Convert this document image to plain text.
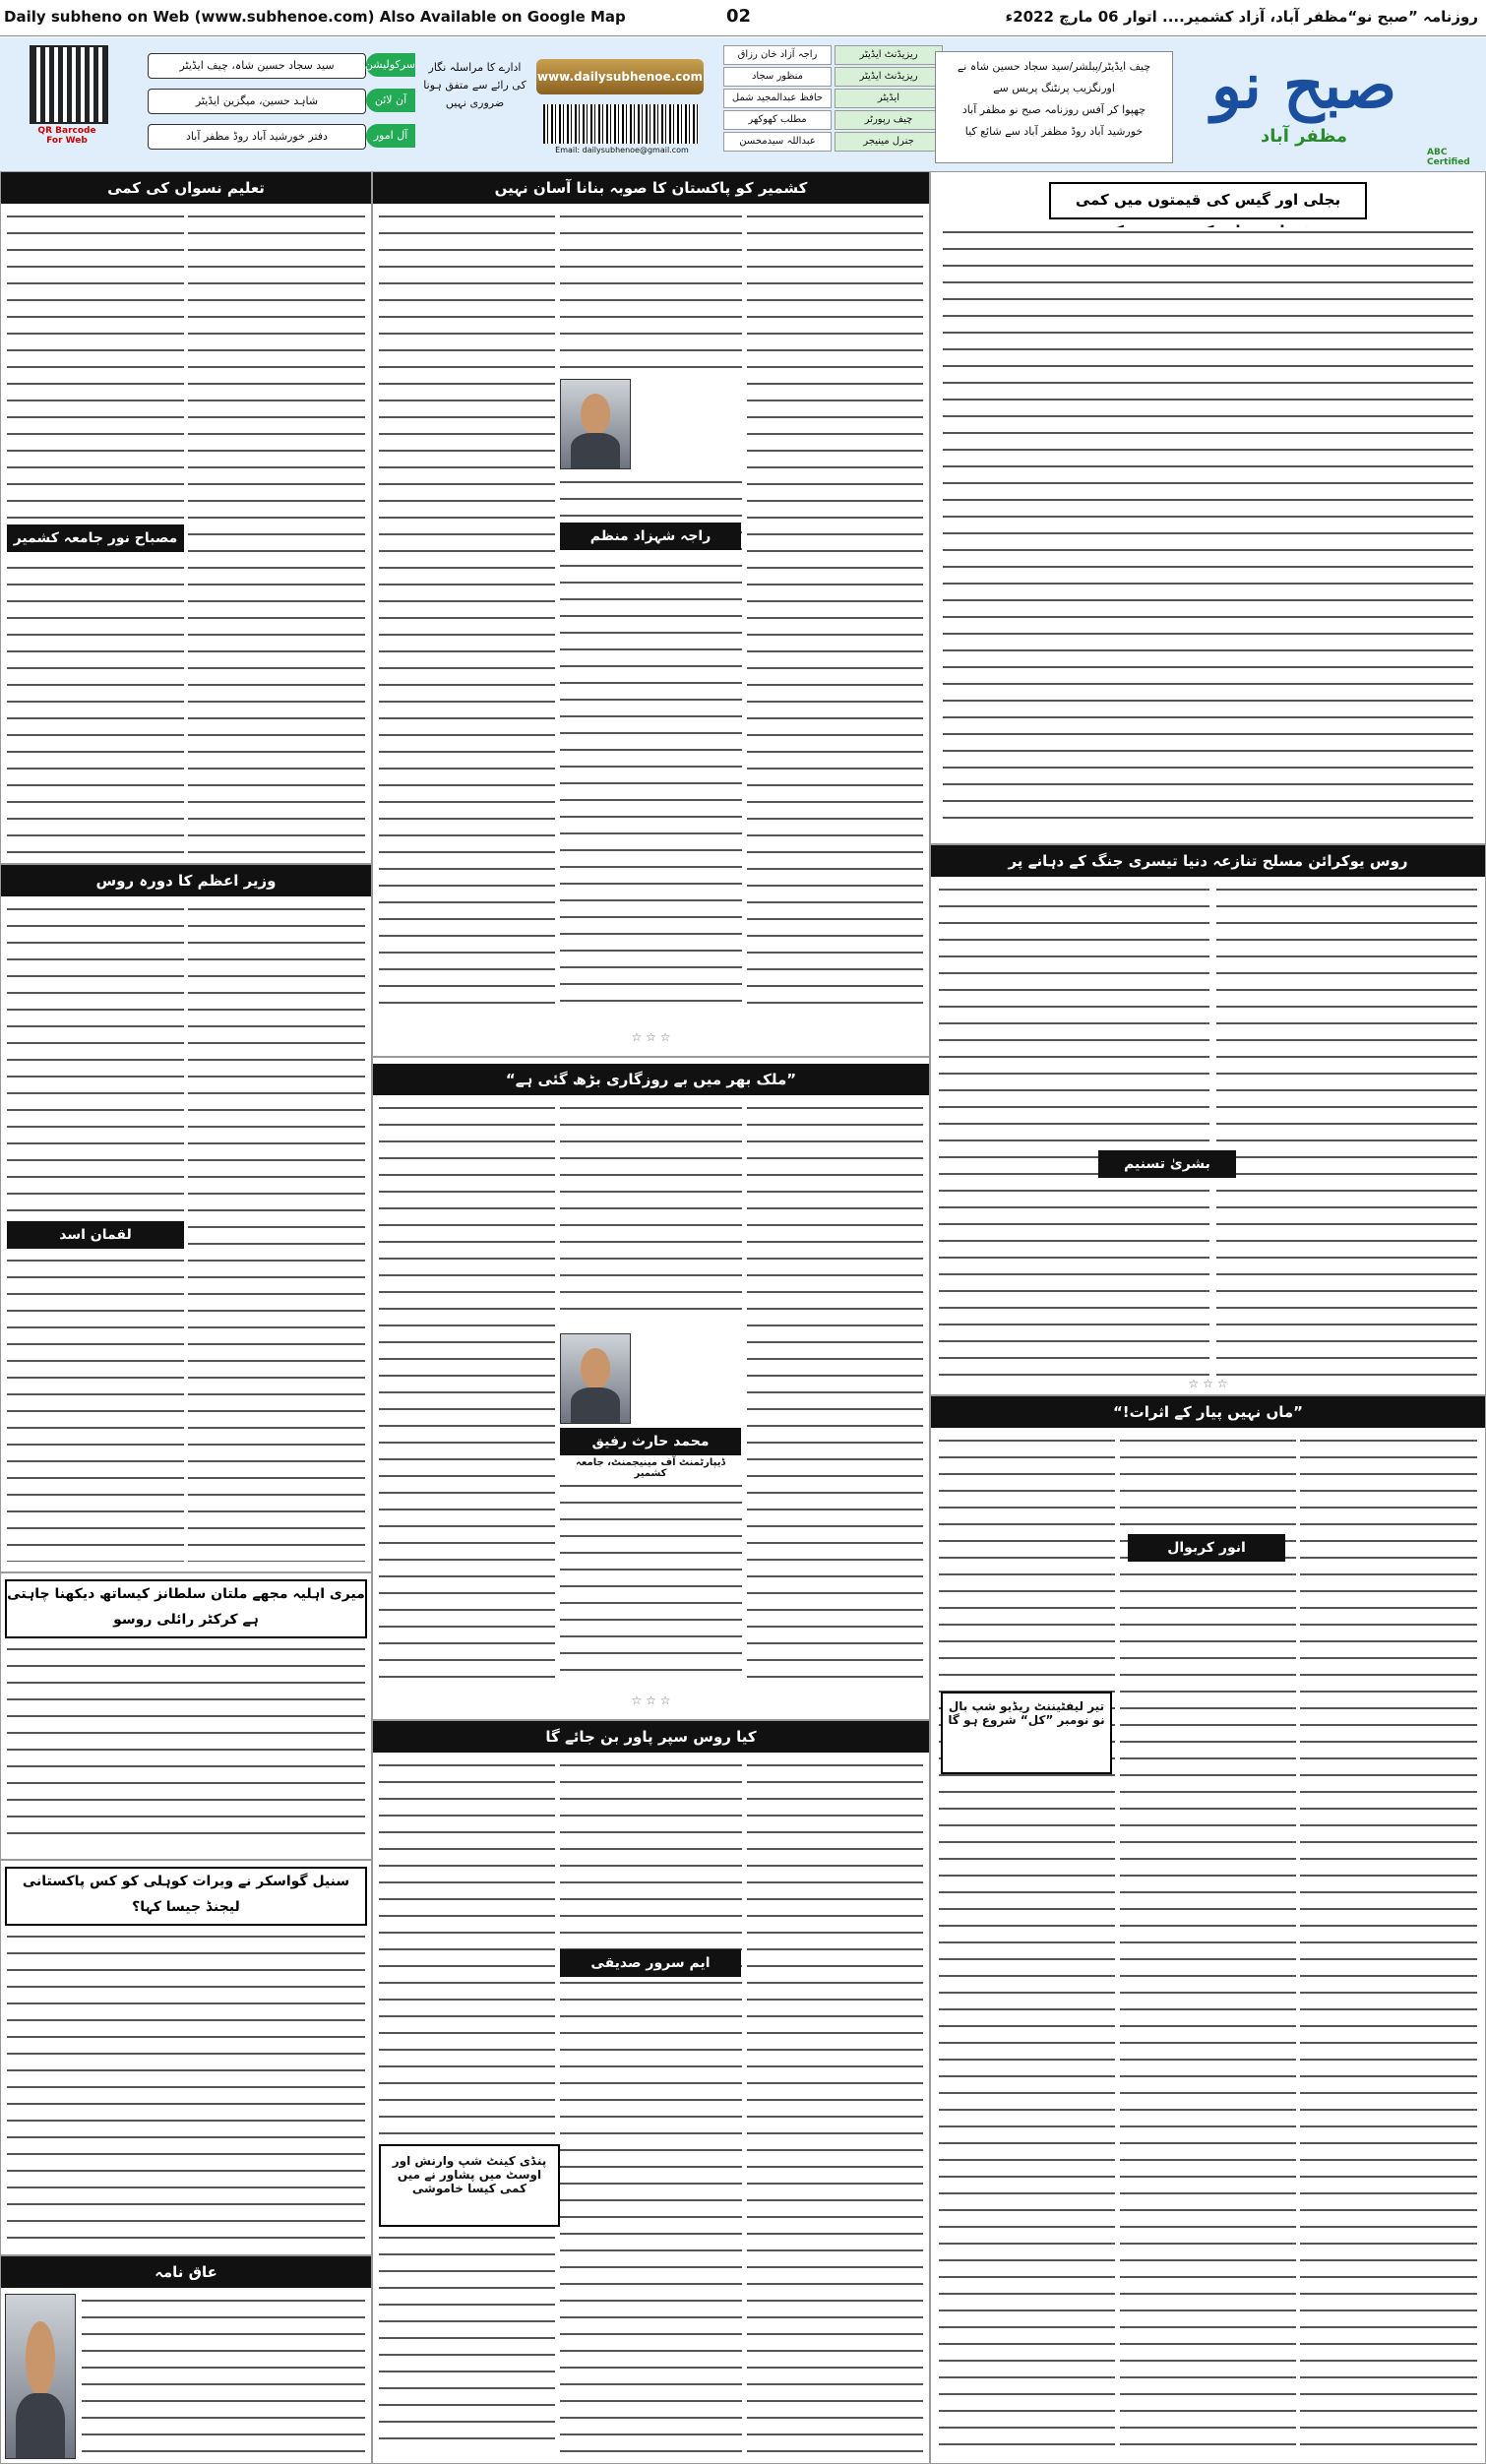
Daily subheno on Web (www.subhenoe.com) Also Available on Google Map	02	روزنامہ ”صبح نو“مظفر آباد، آزاد کشمیر.... اتوار 06 مارچ 2022ء
QR Barcode For Web
سید سجاد حسین شاہ، چیف ایڈیٹر
شاہد حسین، میگزین ایڈیٹر
دفتر خورشید آباد روڈ مظفر آباد
سرکولیشن
آن لائن
آل امور
ادارے کا مراسلہ نگار کی رائے سے متفق ہونا ضروری نہیں
www.dailysubhenoe.com
Email: dailysubhenoe@gmail.com
راجہ آزاد خان رزاق
منظور سجاد
حافظ عبدالمجید شمل
مطلب کھوکھر
عبداللہ سیدمحسن
ریزیڈنٹ ایڈیٹر
ریزیڈنٹ ایڈیٹر
ایڈیٹر
چیف رپورٹر
جنرل مینیجر
چیف ایڈیٹر/پبلشر/سید سجاد حسین شاہ نے اورنگزیب پرنٹنگ پریس سے
چھپوا کر آفس روزنامہ صبح نو مظفر آباد
خورشید آباد روڈ مظفر آباد سے شائع کیا
صبح نو
مظفر آباد
ABC Certified
بجلی اور گیس کی قیمتوں میں کمی
روس یوکرائن مسلح تنازعہ دنیا تیسری جنگ کے دہانے پر
بشریٰ تسنیم
☆ ☆ ☆
”ماں نہیں پیار کے اثرات!“
انور کربوال
تیر لیفٹیننٹ ریڈیو شپ بال نو نومبر ”کل“ شروع ہو گا
کشمیر کو پاکستان کا صوبہ بنانا آسان نہیں
راجہ شہزاد منظم
☆ ☆ ☆
”ملک بھر میں بے روزگاری بڑھ گئی ہے“
محمد حارث رفیق
ڈیپارٹمنٹ آف مینیجمنٹ، جامعہ کشمیر
☆ ☆ ☆
کیا روس سپر پاور بن جائے گا
ایم سرور صدیقی
پنڈی کینٹ شپ وارنش اور اوسٹ میں پشاور نے میں کمی کیسا خاموشی
تعلیم نسواں کی کمی
مصباح نور جامعہ کشمیر
وزیر اعظم کا دورہ روس
لقمان اسد
میری اہلیہ مجھے ملتان سلطانز کیساتھ دیکھنا چاہتی ہے کرکٹر رائلی روسو
سنیل گواسکر نے ویرات کوہلی کو کس پاکستانی لیجنڈ جیسا کہا؟
عاق نامہ
